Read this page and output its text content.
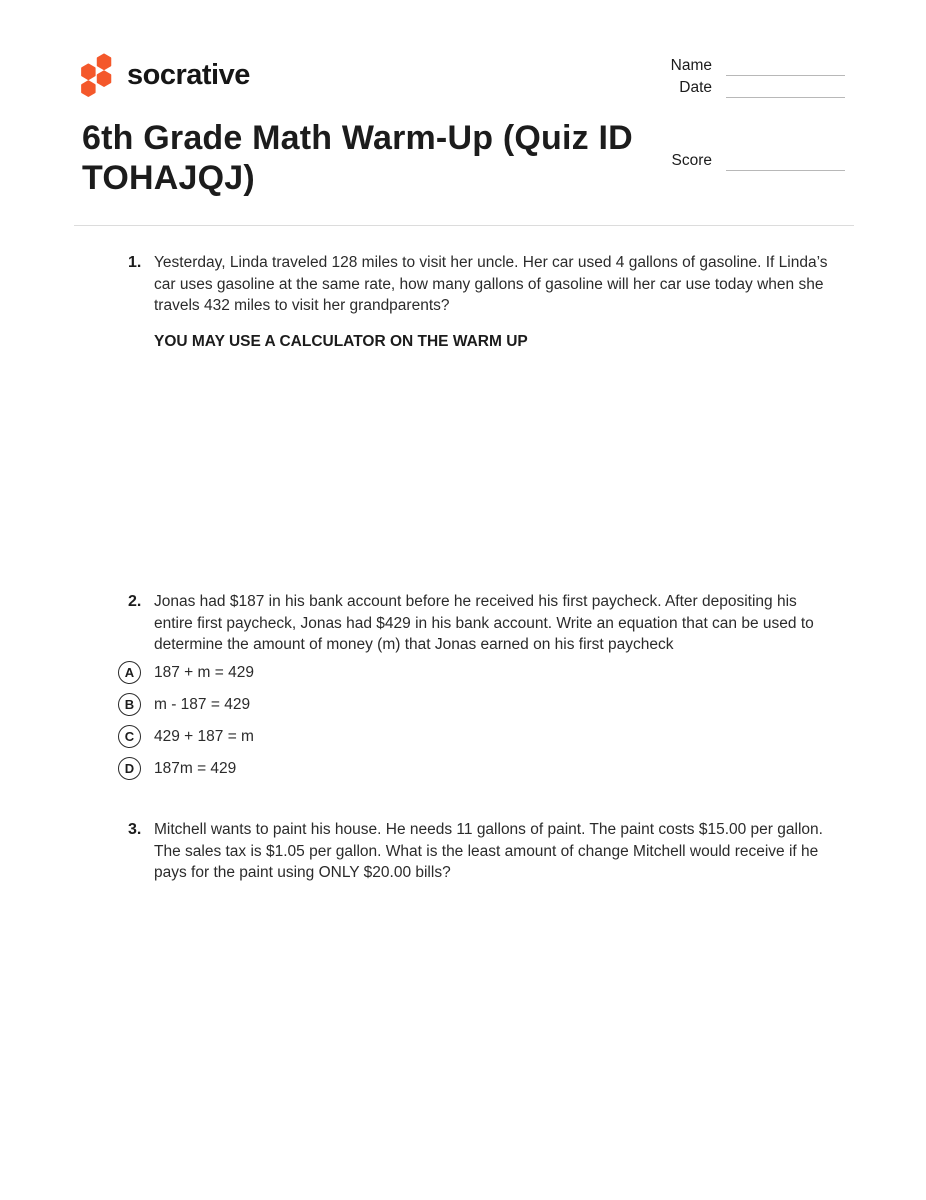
socrative	Name
Date
6th Grade Math Warm-Up (Quiz ID TOHAJQJ)	Score
1. Yesterday, Linda traveled 128 miles to visit her uncle. Her car used 4 gallons of gasoline. If Linda’s car uses gasoline at the same rate, how many gallons of gasoline will her car use today when she travels 432 miles to visit her grandparents?

YOU MAY USE A CALCULATOR ON THE WARM UP

2. Jonas had $187 in his bank account before he received his first paycheck. After depositing his entire first paycheck, Jonas had $429 in his bank account. Write an equation that can be used to determine the amount of money (m) that Jonas earned on his first paycheck

A 187 + m = 429
B m - 187 = 429
C 429 + 187 = m
D 187m = 429
3. Mitchell wants to paint his house. He needs 11 gallons of paint. The paint costs $15.00 per gallon. The sales tax is $1.05 per gallon. What is the least amount of change Mitchell would receive if he pays for the paint using ONLY $20.00 bills?
